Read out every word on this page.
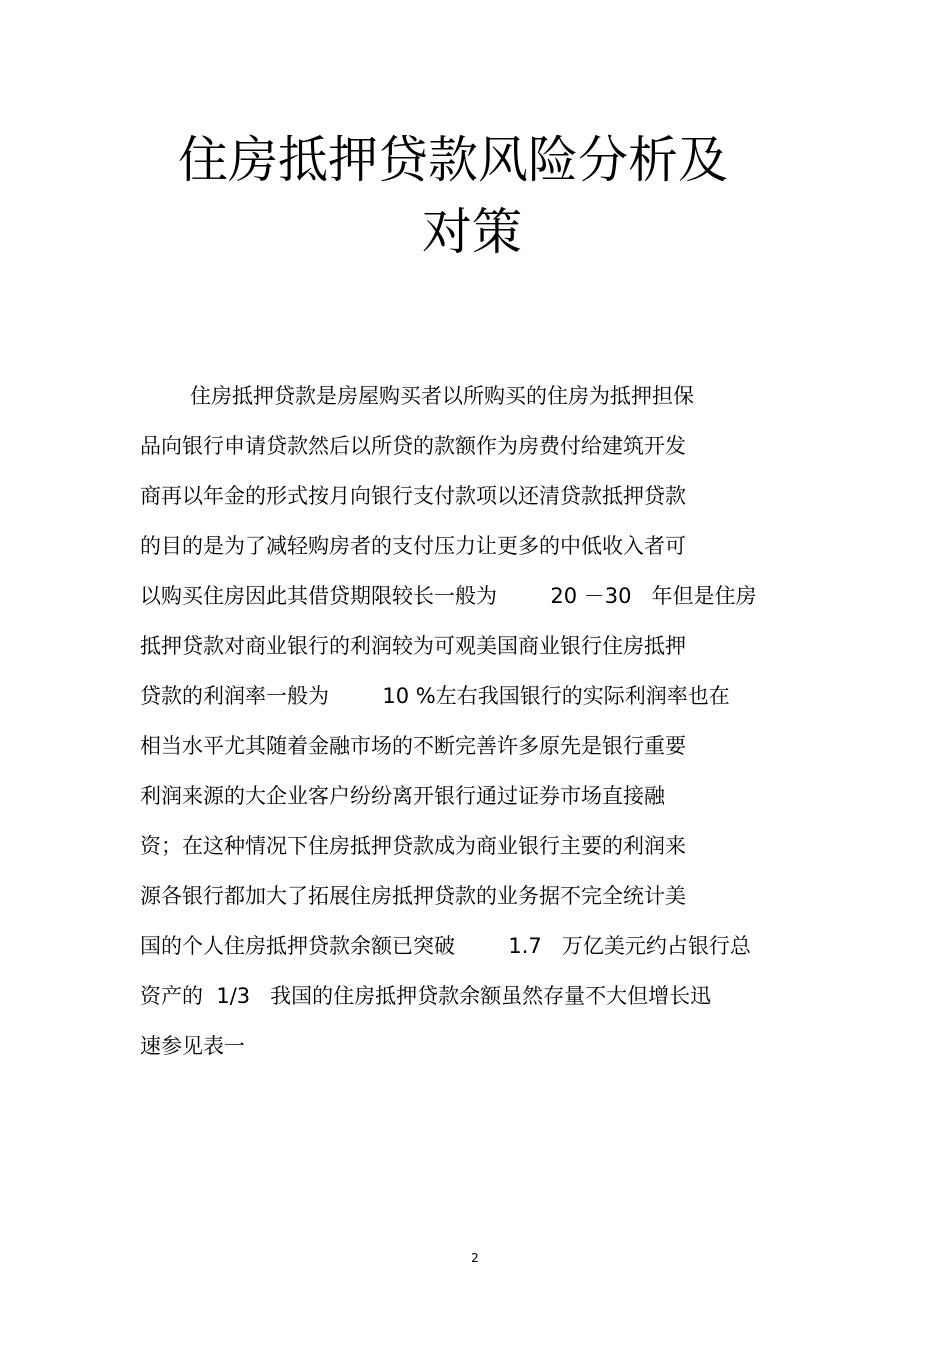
住房抵押贷款风险分析及
对策

住房抵押贷款是房屋购买者以所购买的住房为抵押担保

品向银行申请贷款然后以所贷的款额作为房费付给建筑开发

商再以年金的形式按月向银行支付款项以还清贷款抵押贷款

的目的是为了减轻购房者的支付压力让更多的中低收入者可

以购买住房因此其借贷期限较长一般为        20 －30   年但是住房

抵押贷款对商业银行的利润较为可观美国商业银行住房抵押

贷款的利润率一般为        10 %左右我国银行的实际利润率也在

相当水平尤其随着金融市场的不断完善许多原先是银行重要

利润来源的大企业客户纷纷离开银行通过证券市场直接融

资；在这种情况下住房抵押贷款成为商业银行主要的利润来

源各银行都加大了拓展住房抵押贷款的业务据不完全统计美

国的个人住房抵押贷款余额已突破        1.7   万亿美元约占银行总

资产的  1/3   我国的住房抵押贷款余额虽然存量不大但增长迅

速参见表一

2
